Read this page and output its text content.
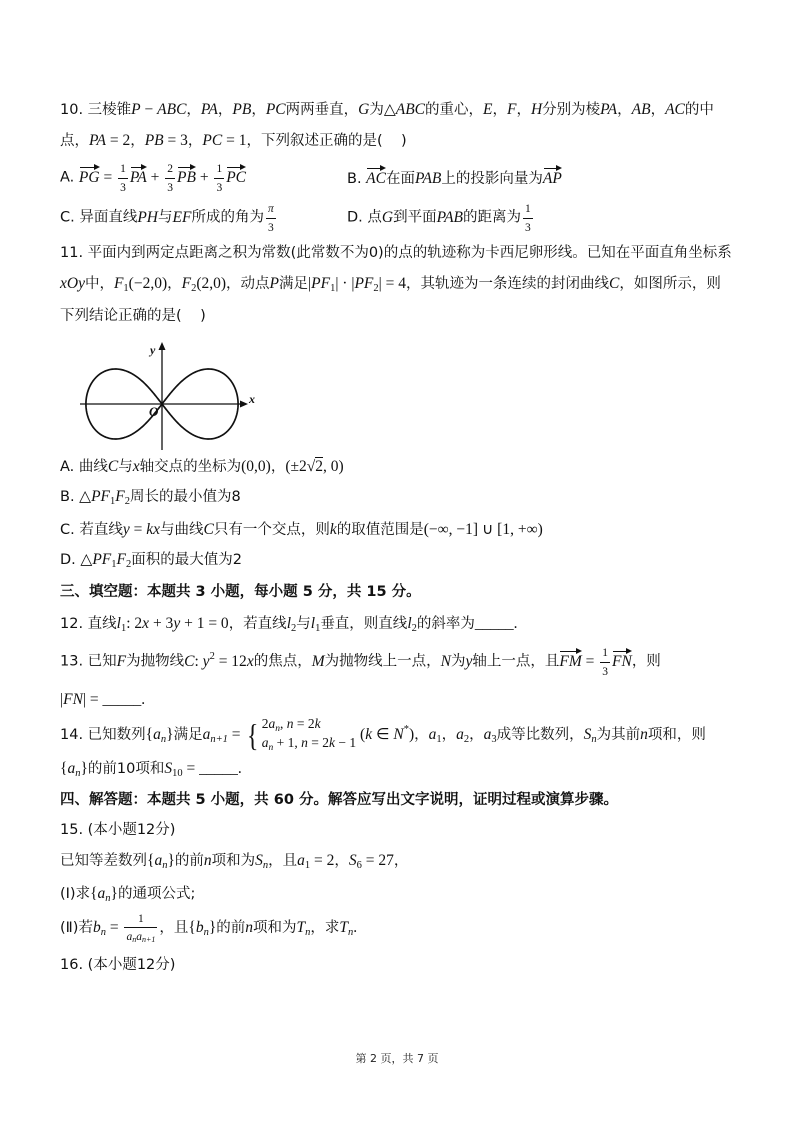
10. 三棱锥P − ABC，PA，PB，PC两两垂直，G为△ABC的重心，E，F，H分别为棱PA，AB，AC的中
点，PA = 2，PB = 3，PC = 1，下列叙述正确的是(    )
A. PG = $\frac{1}{3}$ PA + $\frac{2}{3}$ PB + $\frac{1}{3}$ PC	B. AC在面PAB上的投影向量为AP
C. 异面直线PH与EF所成的角为 $\frac{\pi}{3}$	D. 点G到平面PAB的距离为 $\frac{1}{3}$
11. 平面内到两定点距离之积为常数(此常数不为0)的点的轨迹称为卡西尼卵形线。已知在平面直角坐标系
xOy中，$F_1(-2,0)$，$F_2(2,0)$，动点P满足$|PF_1| \cdot |PF_2| = 4$，其轨迹为一条连续的封闭曲线C，如图所示，则
下列结论正确的是(    )
x
y
O
A. 曲线C与x轴交点的坐标为(0,0)，(±2√2, 0)
B. $\triangle PF_1F_2$周长的最小值为8
C. 若直线y = kx与曲线C只有一个交点，则k的取值范围是(−∞, −1] ∪ [1, +∞)
D. $\triangle PF_1F_2$面积的最大值为2
三、填空题：本题共 3 小题，每小题 5 分，共 15 分。
12. 直线$l_1$: 2x + 3y + 1 = 0，若直线$l_2$与$l_1$垂直，则直线$l_2$的斜率为_____.
13. 已知F为抛物线C: $y^2 = 12x$的焦点，M为抛物线上一点，N为y轴上一点，且FM = $\frac{1}{3}$ FN，则
|FN| = _____.
14. 已知数列$\{a_n\}$满足$a_{n+1}$ = { $2a_n$, n = 2k
$a_n + 1$, n = 2k − 1 (k ∈ N*)，$a_1$，$a_2$，$a_3$成等比数列，$S_n$为其前n项和，则
$\{a_n\}$的前10项和$S_{10}$ = _____.
四、解答题：本题共 5 小题，共 60 分。解答应写出文字说明，证明过程或演算步骤。
15. (本小题12分)
已知等差数列$\{a_n\}$的前n项和为$S_n$，且$a_1 = 2$，$S_6 = 27$，
(Ⅰ)求$\{a_n\}$的通项公式;
(Ⅱ)若$b_n = \frac{1}{\text{anan+1}}$ ，且$\{b_n\}$的前n项和为$T_n$，求$T_n$.
16. (本小题12分)
第 2 页，共 7 页
